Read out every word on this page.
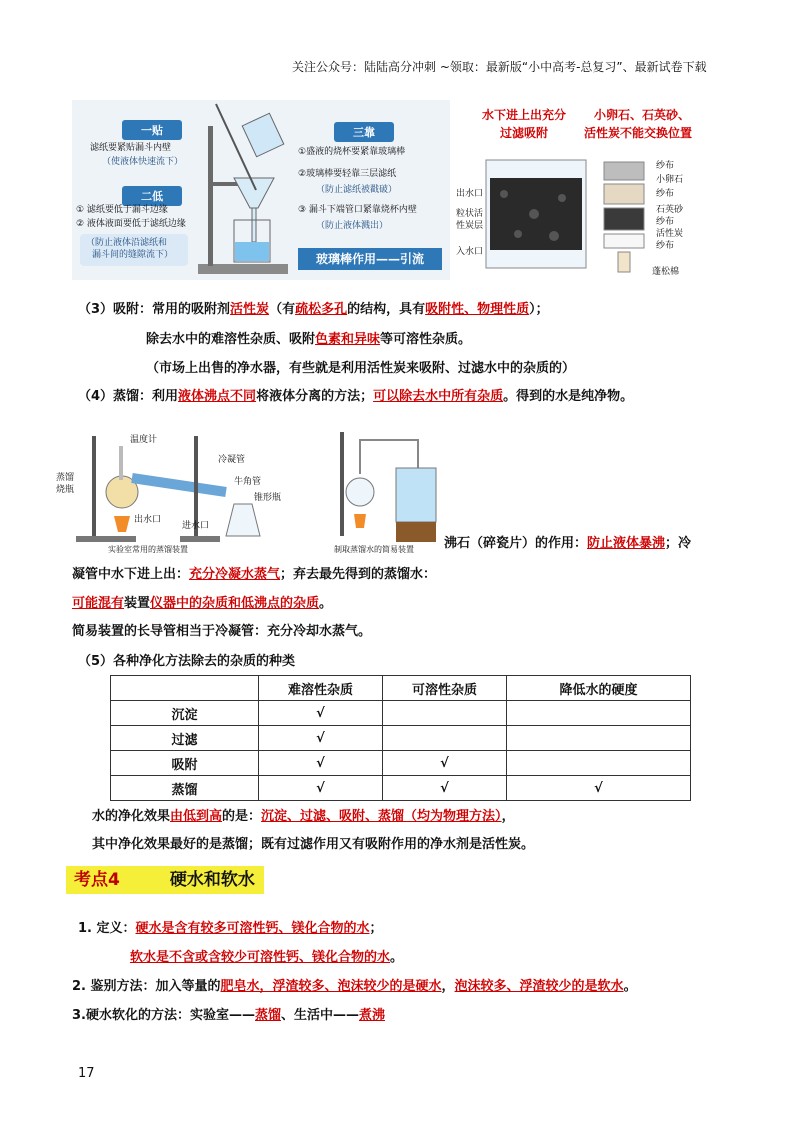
关注公众号：陆陆高分冲刺 ~领取：最新版“小中高考-总复习”、最新试卷下载
一贴
滤纸要紧贴漏斗内壁
（使液体快速流下）
二低
① 滤纸要低于漏斗边缘
② 液体液面要低于滤纸边缘
（防止液体沿滤纸和
漏斗间的缝隙流下）
三靠
①盛液的烧杯要紧靠玻璃棒
②玻璃棒要轻靠三层滤纸
（防止滤纸被戳破）
③ 漏斗下端管口紧靠烧杯内壁
（防止液体溅出）
玻璃棒作用——引流
水下进上出充分
过滤吸附
小卵石、石英砂、
活性炭不能交换位置
出水口
粒状活
性炭层
入水口
纱布
小卵石
纱布
石英砂
纱布
活性炭
纱布
蓬松棉
（3）吸附：常用的吸附剂活性炭（有疏松多孔的结构，具有吸附性、物理性质）；
除去水中的难溶性杂质、吸附色素和异味等可溶性杂质。
（市场上出售的净水器，有些就是利用活性炭来吸附、过滤水中的杂质的）
（4）蒸馏：利用液体沸点不同将液体分离的方法；可以除去水中所有杂质。得到的水是纯净物。
温度计
冷凝管
蒸馏
烧瓶
牛角管
锥形瓶
出水口
进水口
实验室常用的蒸馏装置	制取蒸馏水的简易装置 沸石（碎瓷片）的作用：防止液体暴沸；冷
凝管中水下进上出：充分冷凝水蒸气；弃去最先得到的蒸馏水：
可能混有装置仪器中的杂质和低沸点的杂质。
简易装置的长导管相当于冷凝管：充分冷却水蒸气。
（5）各种净化方法除去的杂质的种类
	难溶性杂质	可溶性杂质	降低水的硬度
沉淀	√		
过滤	√		
吸附	√	√	
蒸馏	√	√	√
水的净化效果由低到高的是：沉淀、过滤、吸附、蒸馏（均为物理方法），
其中净化效果最好的是蒸馏；既有过滤作用又有吸附作用的净水剂是活性炭。
考点4	硬水和软水
1. 定义：硬水是含有较多可溶性钙、镁化合物的水；
软水是不含或含较少可溶性钙、镁化合物的水。
2. 鉴别方法：加入等量的肥皂水，浮渣较多、泡沫较少的是硬水，泡沫较多、浮渣较少的是软水。
3.硬水软化的方法：实验室——蒸馏、生活中——煮沸
17
